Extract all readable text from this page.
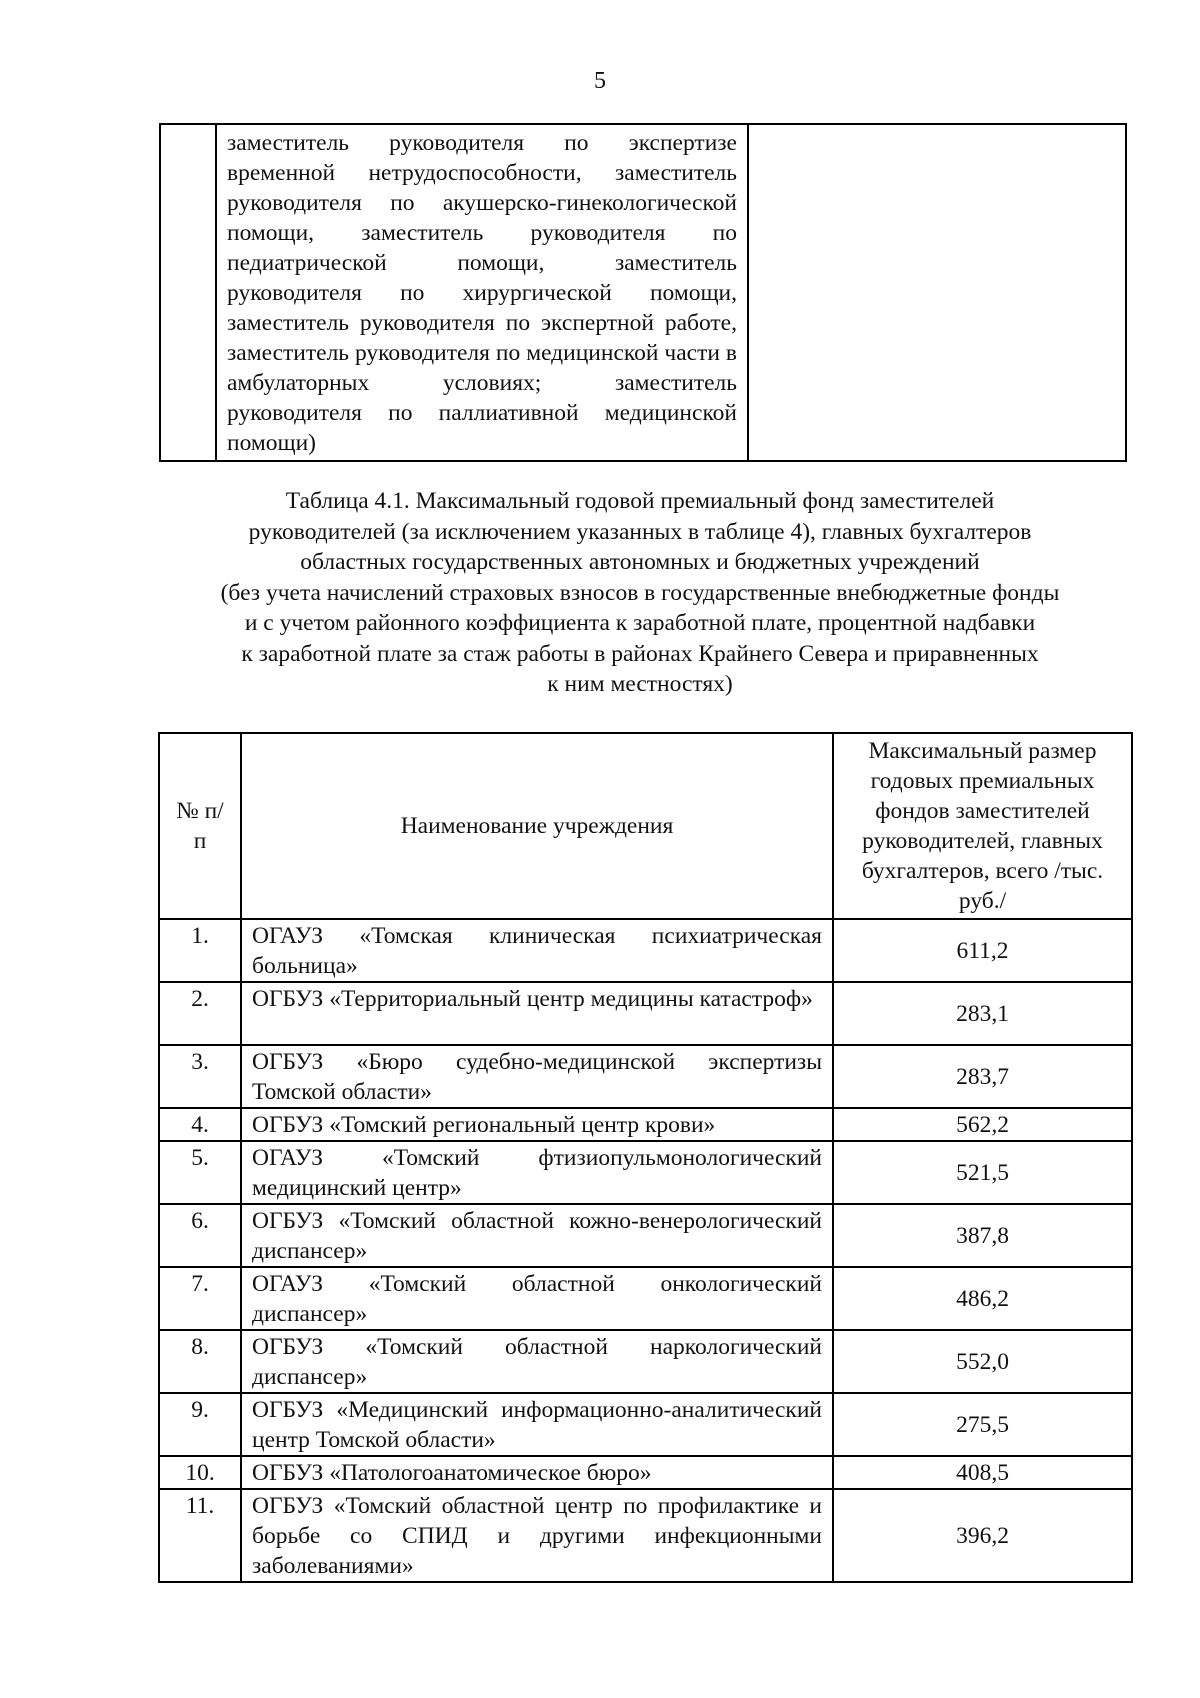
5

заместитель руководителя по экспертизе временной нетрудоспособности, заместитель руководителя по акушерско-гинекологической помощи, заместитель руководителя по педиатрической помощи, заместитель руководителя по хирургической помощи, заместитель руководителя по экспертной работе, заместитель руководителя по медицинской части в амбулаторных условиях; заместитель руководителя по паллиативной медицинской помощи)

Таблица 4.1. Максимальный годовой премиальный фонд заместителей
руководителей (за исключением указанных в таблице 4), главных бухгалтеров
областных государственных автономных и бюджетных учреждений
(без учета начислений страховых взносов в государственные внебюджетные фонды
и с учетом районного коэффициента к заработной плате, процентной надбавки
к заработной плате за стаж работы в районах Крайнего Севера и приравненных
к ним местностях)
№ п/п	Наименование учреждения	Максимальный размер годовых премиальных фондов заместителей руководителей, главных бухгалтеров, всего /тыс. руб./
1.	ОГАУЗ «Томская клиническая психиатрическая больница»	611,2
2.	ОГБУЗ «Территориальный центр медицины катастроф»	283,1
3.	ОГБУЗ «Бюро судебно-медицинской экспертизы Томской области»	283,7
4.	ОГБУЗ «Томский региональный центр крови»	562,2
5.	ОГАУЗ «Томский фтизиопульмонологический медицинский центр»	521,5
6.	ОГБУЗ «Томский областной кожно-венерологический диспансер»	387,8
7.	ОГАУЗ «Томский областной онкологический диспансер»	486,2
8.	ОГБУЗ «Томский областной наркологический диспансер»	552,0
9.	ОГБУЗ «Медицинский информационно-аналитический центр Томской области»	275,5
10.	ОГБУЗ «Патологоанатомическое бюро»	408,5
11.	ОГБУЗ «Томский областной центр по профилактике и борьбе со СПИД и другими инфекционными заболеваниями»	396,2
